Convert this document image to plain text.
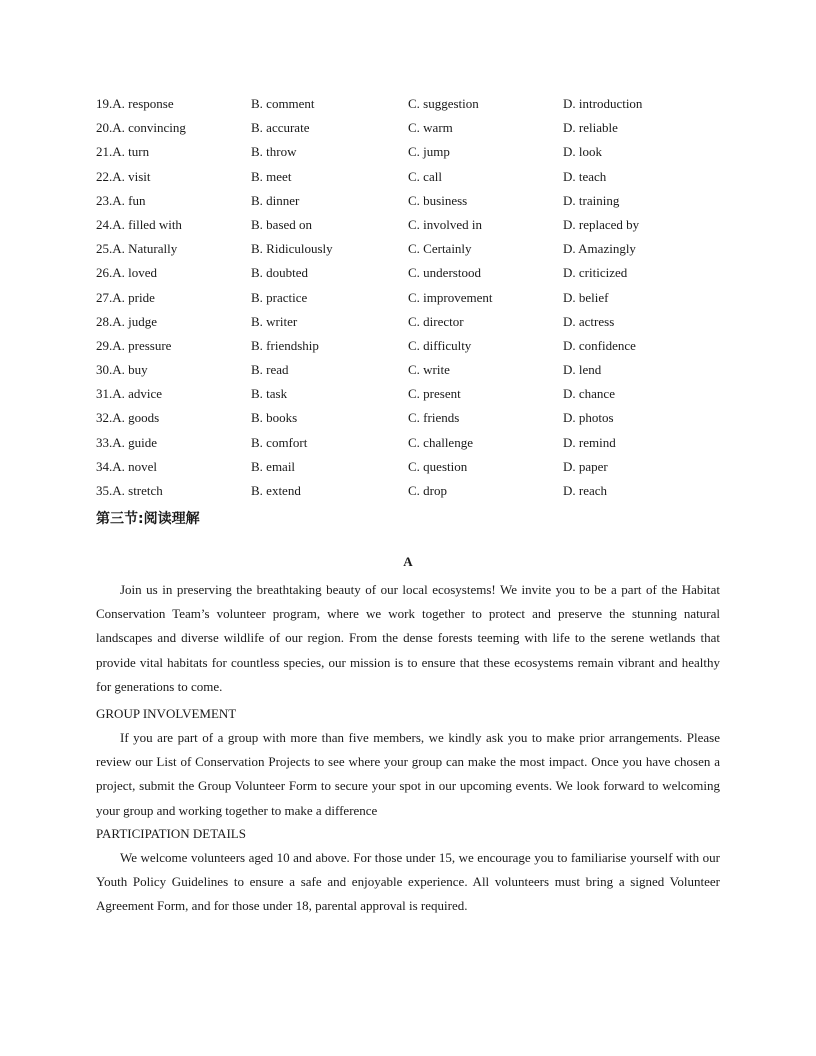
19.A. response	B. comment	C. suggestion	D. introduction
20.A. convincing	B. accurate	C. warm	D. reliable
21.A. turn	B. throw	C. jump	D. look
22.A. visit	B. meet	C. call	D. teach
23.A. fun	B. dinner	C. business	D. training
24.A. filled with	B. based on	C. involved in	D. replaced by
25.A. Naturally	B. Ridiculously	C. Certainly	D. Amazingly
26.A. loved	B. doubted	C. understood	D. criticized
27.A. pride	B. practice	C. improvement	D. belief
28.A. judge	B. writer	C. director	D. actress
29.A. pressure	B. friendship	C. difficulty	D. confidence
30.A. buy	B. read	C. write	D. lend
31.A. advice	B. task	C. present	D. chance
32.A. goods	B. books	C. friends	D. photos
33.A. guide	B. comfort	C. challenge	D. remind
34.A. novel	B. email	C. question	D. paper
35.A. stretch	B. extend	C. drop	D. reach
第三节:阅读理解
A
Join us in preserving the breathtaking beauty of our local ecosystems! We invite you to be a part of the Habitat Conservation Team’s volunteer program, where we work together to protect and preserve the stunning natural landscapes and diverse wildlife of our region. From the dense forests teeming with life to the serene wetlands that provide vital habitats for countless species, our mission is to ensure that these ecosystems remain vibrant and healthy for generations to come.
GROUP INVOLVEMENT
If you are part of a group with more than five members, we kindly ask you to make prior arrangements. Please review our List of Conservation Projects to see where your group can make the most impact. Once you have chosen a project, submit the Group Volunteer Form to secure your spot in our upcoming events. We look forward to welcoming your group and working together to make a difference
PARTICIPATION DETAILS
We welcome volunteers aged 10 and above. For those under 15, we encourage you to familiarise yourself with our Youth Policy Guidelines to ensure a safe and enjoyable experience. All volunteers must bring a signed Volunteer Agreement Form, and for those under 18, parental approval is required.
